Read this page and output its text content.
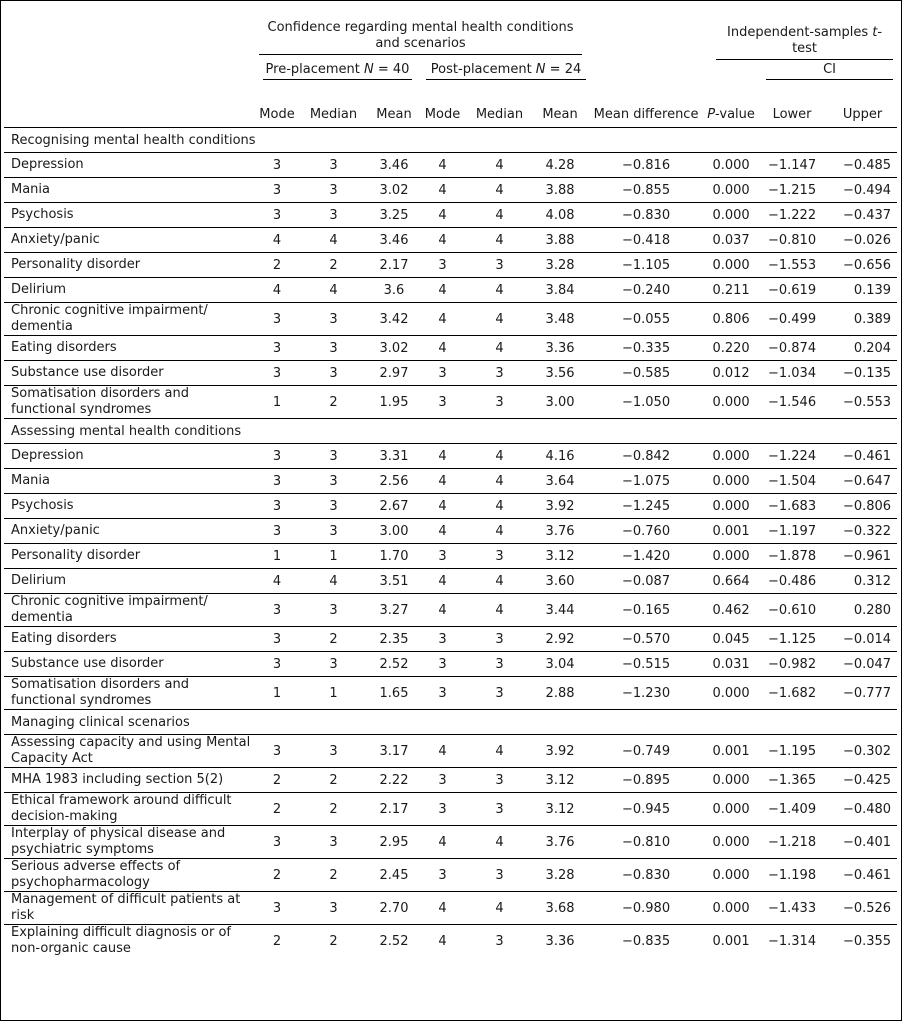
	Confidence regarding mental health conditions and scenarios							Independent-samples t-test		

	Pre-placement N = 40			Post-placement N = 24					CI	

	Mode	Median	Mean	Mode	Median	Mean	Mean difference	P-value	Lower	Upper
Recognising mental health conditions										
Depression	3	3	3.46	4	4	4.28	−0.816	0.000	−1.147	−0.485
Mania	3	3	3.02	4	4	3.88	−0.855	0.000	−1.215	−0.494
Psychosis	3	3	3.25	4	4	4.08	−0.830	0.000	−1.222	−0.437
Anxiety/panic	4	4	3.46	4	4	3.88	−0.418	0.037	−0.810	−0.026
Personality disorder	2	2	2.17	3	3	3.28	−1.105	0.000	−1.553	−0.656
Delirium	4	4	3.6	4	4	3.84	−0.240	0.211	−0.619	0.139
Chronic cognitive impairment/ dementia	3	3	3.42	4	4	3.48	−0.055	0.806	−0.499	0.389
Eating disorders	3	3	3.02	4	4	3.36	−0.335	0.220	−0.874	0.204
Substance use disorder	3	3	2.97	3	3	3.56	−0.585	0.012	−1.034	−0.135
Somatisation disorders and functional syndromes	1	2	1.95	3	3	3.00	−1.050	0.000	−1.546	−0.553
Assessing mental health conditions										
Depression	3	3	3.31	4	4	4.16	−0.842	0.000	−1.224	−0.461
Mania	3	3	2.56	4	4	3.64	−1.075	0.000	−1.504	−0.647
Psychosis	3	3	2.67	4	4	3.92	−1.245	0.000	−1.683	−0.806
Anxiety/panic	3	3	3.00	4	4	3.76	−0.760	0.001	−1.197	−0.322
Personality disorder	1	1	1.70	3	3	3.12	−1.420	0.000	−1.878	−0.961
Delirium	4	4	3.51	4	4	3.60	−0.087	0.664	−0.486	0.312
Chronic cognitive impairment/ dementia	3	3	3.27	4	4	3.44	−0.165	0.462	−0.610	0.280
Eating disorders	3	2	2.35	3	3	2.92	−0.570	0.045	−1.125	−0.014
Substance use disorder	3	3	2.52	3	3	3.04	−0.515	0.031	−0.982	−0.047
Somatisation disorders and functional syndromes	1	1	1.65	3	3	2.88	−1.230	0.000	−1.682	−0.777
Managing clinical scenarios										
Assessing capacity and using Mental Capacity Act	3	3	3.17	4	4	3.92	−0.749	0.001	−1.195	−0.302
MHA 1983 including section 5(2)	2	2	2.22	3	3	3.12	−0.895	0.000	−1.365	−0.425
Ethical framework around difficult decision-making	2	2	2.17	3	3	3.12	−0.945	0.000	−1.409	−0.480
Interplay of physical disease and psychiatric symptoms	3	3	2.95	4	4	3.76	−0.810	0.000	−1.218	−0.401
Serious adverse effects of psychopharmacology	2	2	2.45	3	3	3.28	−0.830	0.000	−1.198	−0.461
Management of difficult patients at risk	3	3	2.70	4	4	3.68	−0.980	0.000	−1.433	−0.526
Explaining difficult diagnosis or of non-organic cause	2	2	2.52	4	3	3.36	−0.835	0.001	−1.314	−0.355
